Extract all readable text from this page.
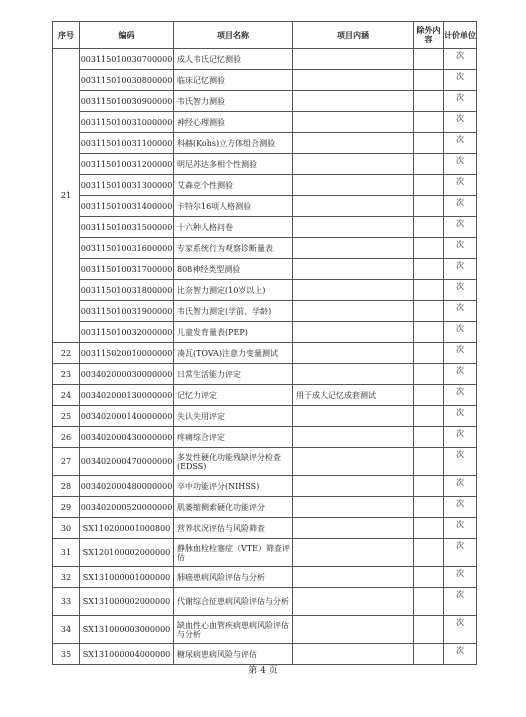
序号	编码	项目名称	项目内涵	除外内容	计价单位
21	003115010030700000	成人韦氏记忆测验			次
	003115010030800000	临床记忆测验			次
	003115010030900000	韦氏智力测验			次
	003115010031000000	神经心理测验			次
	003115010031100000	科赫(Kohs)立方体组合测验			次
	003115010031200000	明尼苏达多相个性测验			次
	003115010031300000	艾森克个性测验			次
	003115010031400000	卡特尔16项人格测验			次
	003115010031500000	十六种人格问卷			次
	003115010031600000	专家系统行为观察诊断量表			次
	003115010031700000	808神经类型测验			次
	003115010031800000	比奈智力测定(10岁以上)			次
	003115010031900000	韦氏智力测定(学前、学龄)			次
	003115010032000000	儿童发育量表(PEP)			次
22	003115020010000000	凑瓦(TOVA)注意力变量测试			次
23	003402000030000000	日常生活能力评定			次
24	003402000130000000	记忆力评定	用于成人记忆成套测试		次
25	003402000140000000	失认失用评定			次
26	003402000430000000	疼痛综合评定			次
27	003402000470000000	多发性硬化功能残缺评分检查(EDSS)			次
28	003402000480000000	卒中功能评分(NIHSS)			次
29	003402000520000000	肌萎缩侧索硬化功能评分			次
30	SX110200001000800	营养状况评估与风险筛查			次
31	SX120100002000000	静脉血栓栓塞症（VTE）筛查评估			次
32	SX131000001000000	肺癌患病风险评估与分析			次
33	SX131000002000000	代谢综合征患病风险评估与分析			次
34	SX131000003000000	缺血性心血管疾病患病风险评估与分析			次
35	SX131000004000000	糖尿病患病风险与评估			次
第 4 页
